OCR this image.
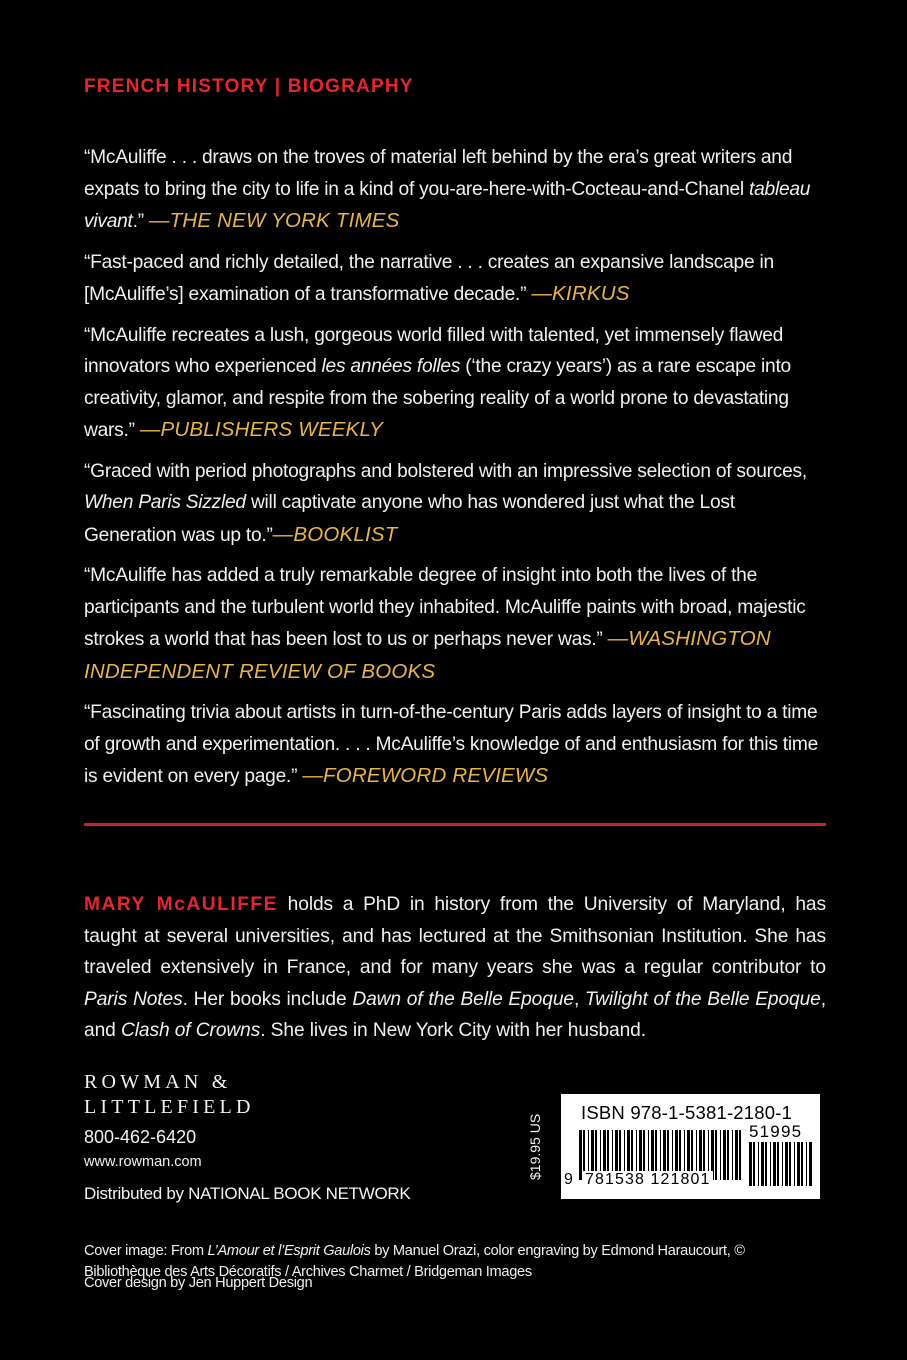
FRENCH HISTORY | BIOGRAPHY

“McAuliffe . . . draws on the troves of material left behind by the era’s great writers and expats to bring the city to life in a kind of you-are-here-with-Cocteau-and-Chanel tableau vivant.” —THE NEW YORK TIMES

“Fast-paced and richly detailed, the narrative . . . creates an expansive landscape in [McAuliffe’s] examination of a transformative decade.” —KIRKUS

“McAuliffe recreates a lush, gorgeous world filled with talented, yet immensely flawed innovators who experienced les années folles (‘the crazy years’) as a rare escape into creativity, glamor, and respite from the sobering reality of a world prone to devastating wars.” —PUBLISHERS WEEKLY

“Graced with period photographs and bolstered with an impressive selection of sources, When Paris Sizzled will captivate anyone who has wondered just what the Lost Generation was up to.”—BOOKLIST

“McAuliffe has added a truly remarkable degree of insight into both the lives of the participants and the turbulent world they inhabited. McAuliffe paints with broad, majestic strokes a world that has been lost to us or perhaps never was.” —WASHINGTON INDEPENDENT REVIEW OF BOOKS

“Fascinating trivia about artists in turn-of-the-century Paris adds layers of insight to a time of growth and experimentation. . . . McAuliffe’s knowledge of and enthusiasm for this time is evident on every page.” —FOREWORD REVIEWS

MARY McAULIFFE holds a PhD in history from the University of Maryland, has taught at several universities, and has lectured at the Smithsonian Institution. She has traveled extensively in France, and for many years she was a regular contributor to Paris Notes. Her books include Dawn of the Belle Epoque, Twilight of the Belle Epoque, and Clash of Crowns. She lives in New York City with her husband.

ROWMAN &
LITTLEFIELD
800-462-6420
www.rowman.com
Distributed by NATIONAL BOOK NETWORK
$19.95 US
ISBN 978-1-5381-2180-1
51995
9 781538 121801

Cover image: From L’Amour et l’Esprit Gaulois by Manuel Orazi, color engraving by Edmond Haraucourt, © Bibliothèque des Arts Décoratifs / Archives Charmet / Bridgeman Images

Cover design by Jen Huppert Design
